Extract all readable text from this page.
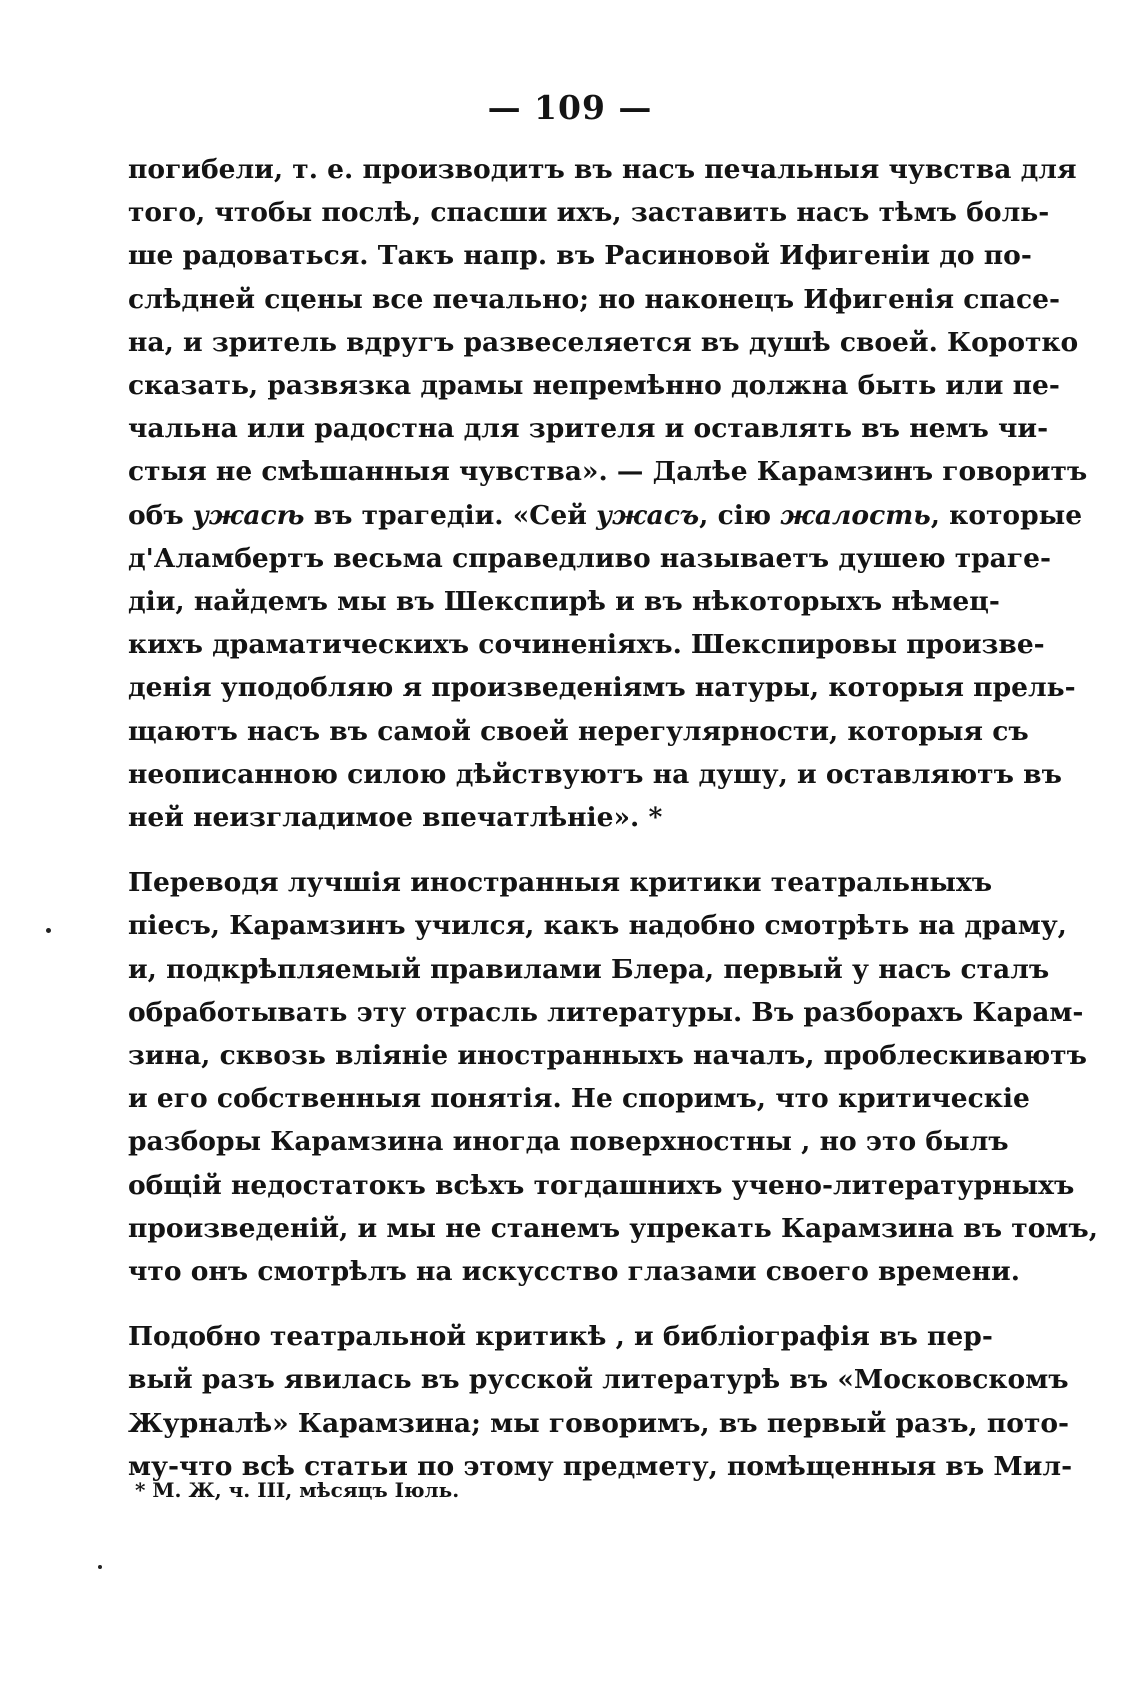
— 109 —
погибели, т. е. производитъ въ насъ печальныя чувства для
того, чтобы послѣ, спасши ихъ, заставить насъ тѣмъ боль-
ше радоваться. Такъ напр. въ Расиновой Ифигеніи до по-
слѣдней сцены все печально; но наконецъ Ифигенія спасе-
на, и зритель вдругъ развеселяется въ душѣ своей. Коротко
сказать, развязка драмы непремѣнно должна быть или пе-
чальна или радостна для зрителя и оставлять въ немъ чи-
стыя не смѣшанныя чувства». — Далѣе Карамзинъ говоритъ
объ ужасѣ въ трагедіи. «Сей ужасъ, сію жалость, которые
д'Аламбертъ весьма справедливо называетъ душею траге-
діи, найдемъ мы въ Шекспирѣ и въ нѣкоторыхъ нѣмец-
кихъ драматическихъ сочиненіяхъ. Шекспировы произве-
денія уподобляю я произведеніямъ натуры, которыя прель-
щаютъ насъ въ самой своей нерегулярности, которыя съ
неописанною силою дѣйствуютъ на душу, и оставляютъ въ
ней неизгладимое впечатлѣніе». *
Переводя лучшія иностранныя критики театральныхъ
піесъ, Карамзинъ учился, какъ надобно смотрѣть на драму,
и, подкрѣпляемый правилами Блера, первый у насъ сталъ
обработывать эту отрасль литературы. Въ разборахъ Карам-
зина, сквозь вліяніе иностранныхъ началъ, проблескиваютъ
и его собственныя понятія. Не споримъ, что критическіе
разборы Карамзина иногда поверхностны , но это былъ
общій недостатокъ всѣхъ тогдашнихъ учено-литературныхъ
произведеній, и мы не станемъ упрекать Карамзина въ томъ,
что онъ смотрѣлъ на искусство глазами своего времени.
Подобно театральной критикѣ , и библіографія въ пер-
вый разъ явилась въ русской литературѣ въ «Московскомъ
Журналѣ» Карамзина; мы говоримъ, въ первый разъ, пото-
му-что всѣ статьи по этому предмету, помѣщенныя въ Мил-
* М. Ж, ч. III, мѣсяцъ Іюль.
